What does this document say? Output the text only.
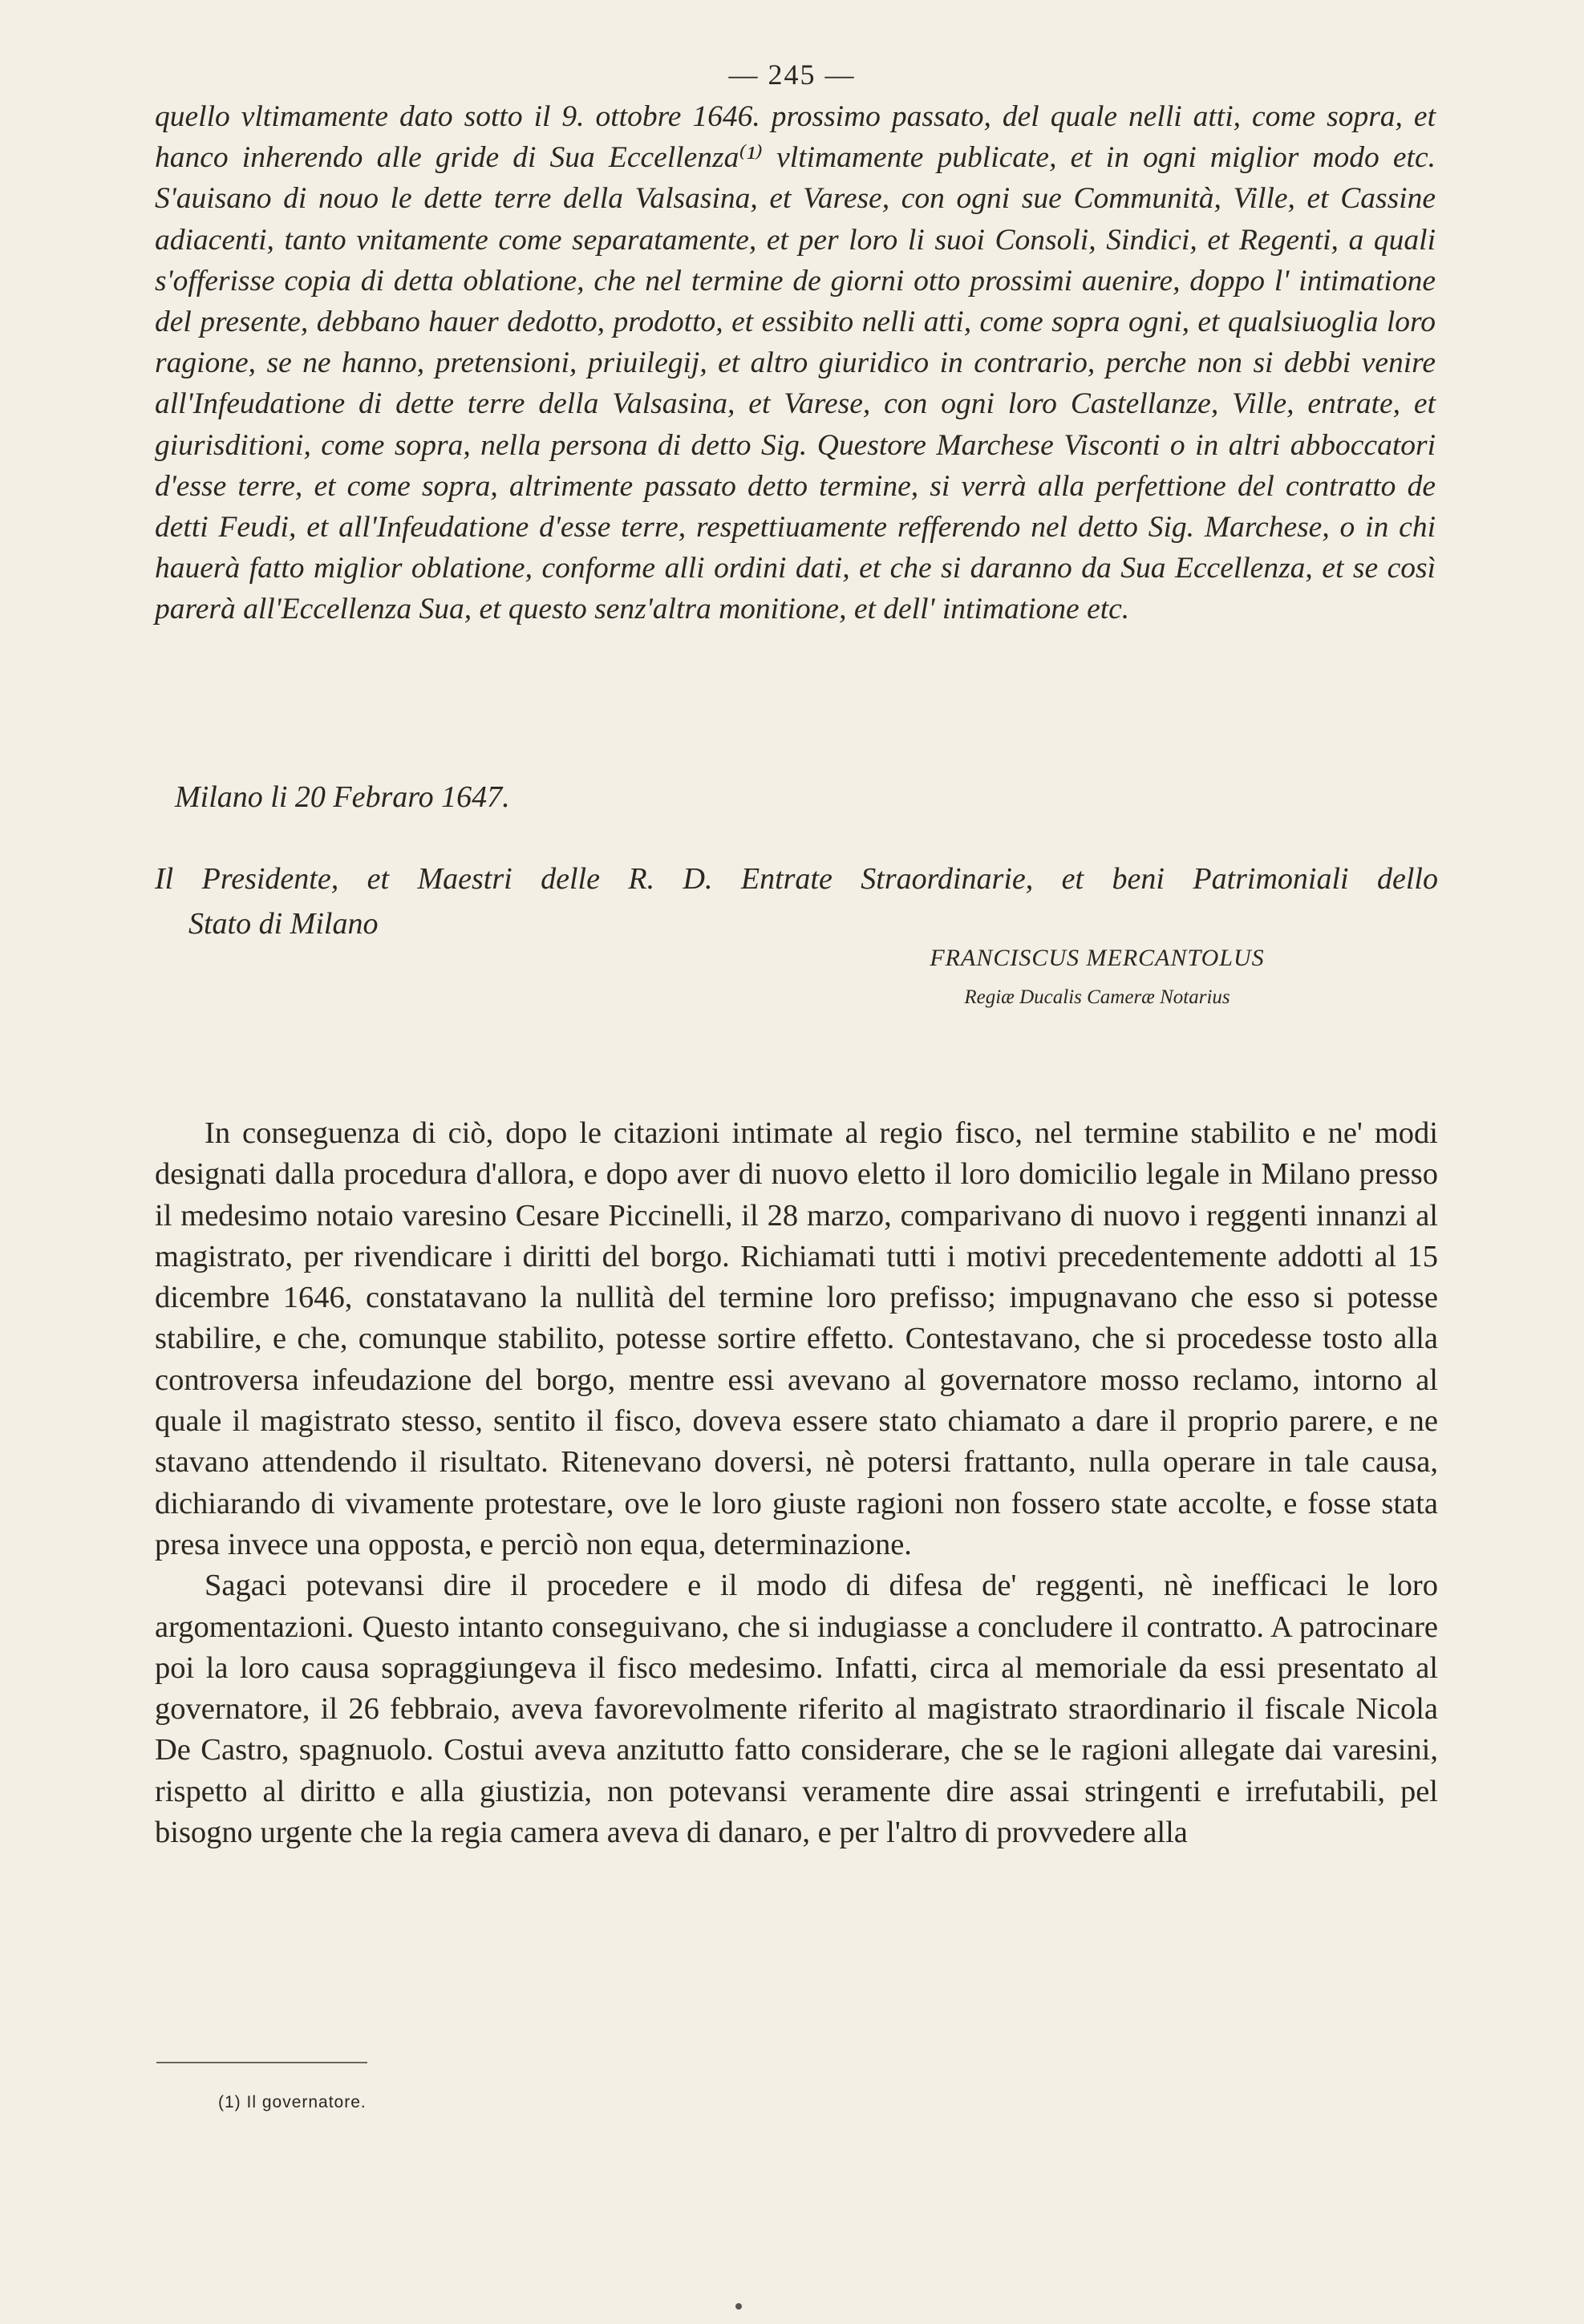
— 245 —

quello vltimamente dato sotto il 9. ottobre 1646. prossimo passato, del quale nelli atti, come sopra, et hanco inherendo alle gride di Sua Eccellenza⁽¹⁾ vltimamente publicate, et in ogni miglior modo etc. S'auisano di nouo le dette terre della Valsasina, et Varese, con ogni sue Communità, Ville, et Cassine adiacenti, tanto vnitamente come separatamente, et per loro li suoi Consoli, Sindici, et Regenti, a quali s'offerisse copia di detta oblatione, che nel termine de giorni otto prossimi auenire, doppo l' intimatione del presente, debbano hauer dedotto, prodotto, et essibito nelli atti, come sopra ogni, et qualsiuoglia loro ragione, se ne hanno, pretensioni, priuilegij, et altro giuridico in contrario, perche non si debbi venire all'Infeudatione di dette terre della Valsasina, et Varese, con ogni loro Castellanze, Ville, entrate, et giurisditioni, come sopra, nella persona di detto Sig. Questore Marchese Visconti o in altri abboccatori d'esse terre, et come sopra, altrimente passato detto termine, si verrà alla perfettione del contratto de detti Feudi, et all'Infeudatione d'esse terre, respettiuamente refferendo nel detto Sig. Marchese, o in chi hauerà fatto miglior oblatione, conforme alli ordini dati, et che si daranno da Sua Eccellenza, et se così parerà all'Eccellenza Sua, et questo senz'altra monitione, et dell' intimatione etc.

Milano li 20 Febraro 1647.
Il Presidente, et Maestri delle R. D. Entrate Straordinarie, et beni Patrimoniali dello
Stato di Milano
FRANCISCUS MERCANTOLUS
Regiæ Ducalis Cameræ Notarius

In conseguenza di ciò, dopo le citazioni intimate al regio fisco, nel termine stabilito e ne' modi designati dalla procedura d'allora, e dopo aver di nuovo eletto il loro domicilio legale in Milano presso il medesimo notaio varesino Cesare Piccinelli, il 28 marzo, comparivano di nuovo i reggenti innanzi al magistrato, per rivendicare i diritti del borgo. Richiamati tutti i motivi precedentemente addotti al 15 dicembre 1646, constatavano la nullità del termine loro prefisso; impugnavano che esso si potesse stabilire, e che, comunque stabilito, potesse sortire effetto. Contestavano, che si procedesse tosto alla controversa infeudazione del borgo, mentre essi avevano al governatore mosso reclamo, intorno al quale il magistrato stesso, sentito il fisco, doveva essere stato chiamato a dare il proprio parere, e ne stavano attendendo il risultato. Ritenevano doversi, nè potersi frattanto, nulla operare in tale causa, dichiarando di vivamente protestare, ove le loro giuste ragioni non fossero state accolte, e fosse stata presa invece una opposta, e perciò non equa, determinazione.

Sagaci potevansi dire il procedere e il modo di difesa de' reggenti, nè inefficaci le loro argomentazioni. Questo intanto conseguivano, che si indugiasse a concludere il contratto. A patrocinare poi la loro causa sopraggiungeva il fisco medesimo. Infatti, circa al memoriale da essi presentato al governatore, il 26 febbraio, aveva favorevolmente riferito al magistrato straordinario il fiscale Nicola De Castro, spagnuolo. Costui aveva anzitutto fatto considerare, che se le ragioni allegate dai varesini, rispetto al diritto e alla giustizia, non potevansi veramente dire assai stringenti e irrefutabili, pel bisogno urgente che la regia camera aveva di danaro, e per l'altro di provvedere alla

(1) Il governatore.
